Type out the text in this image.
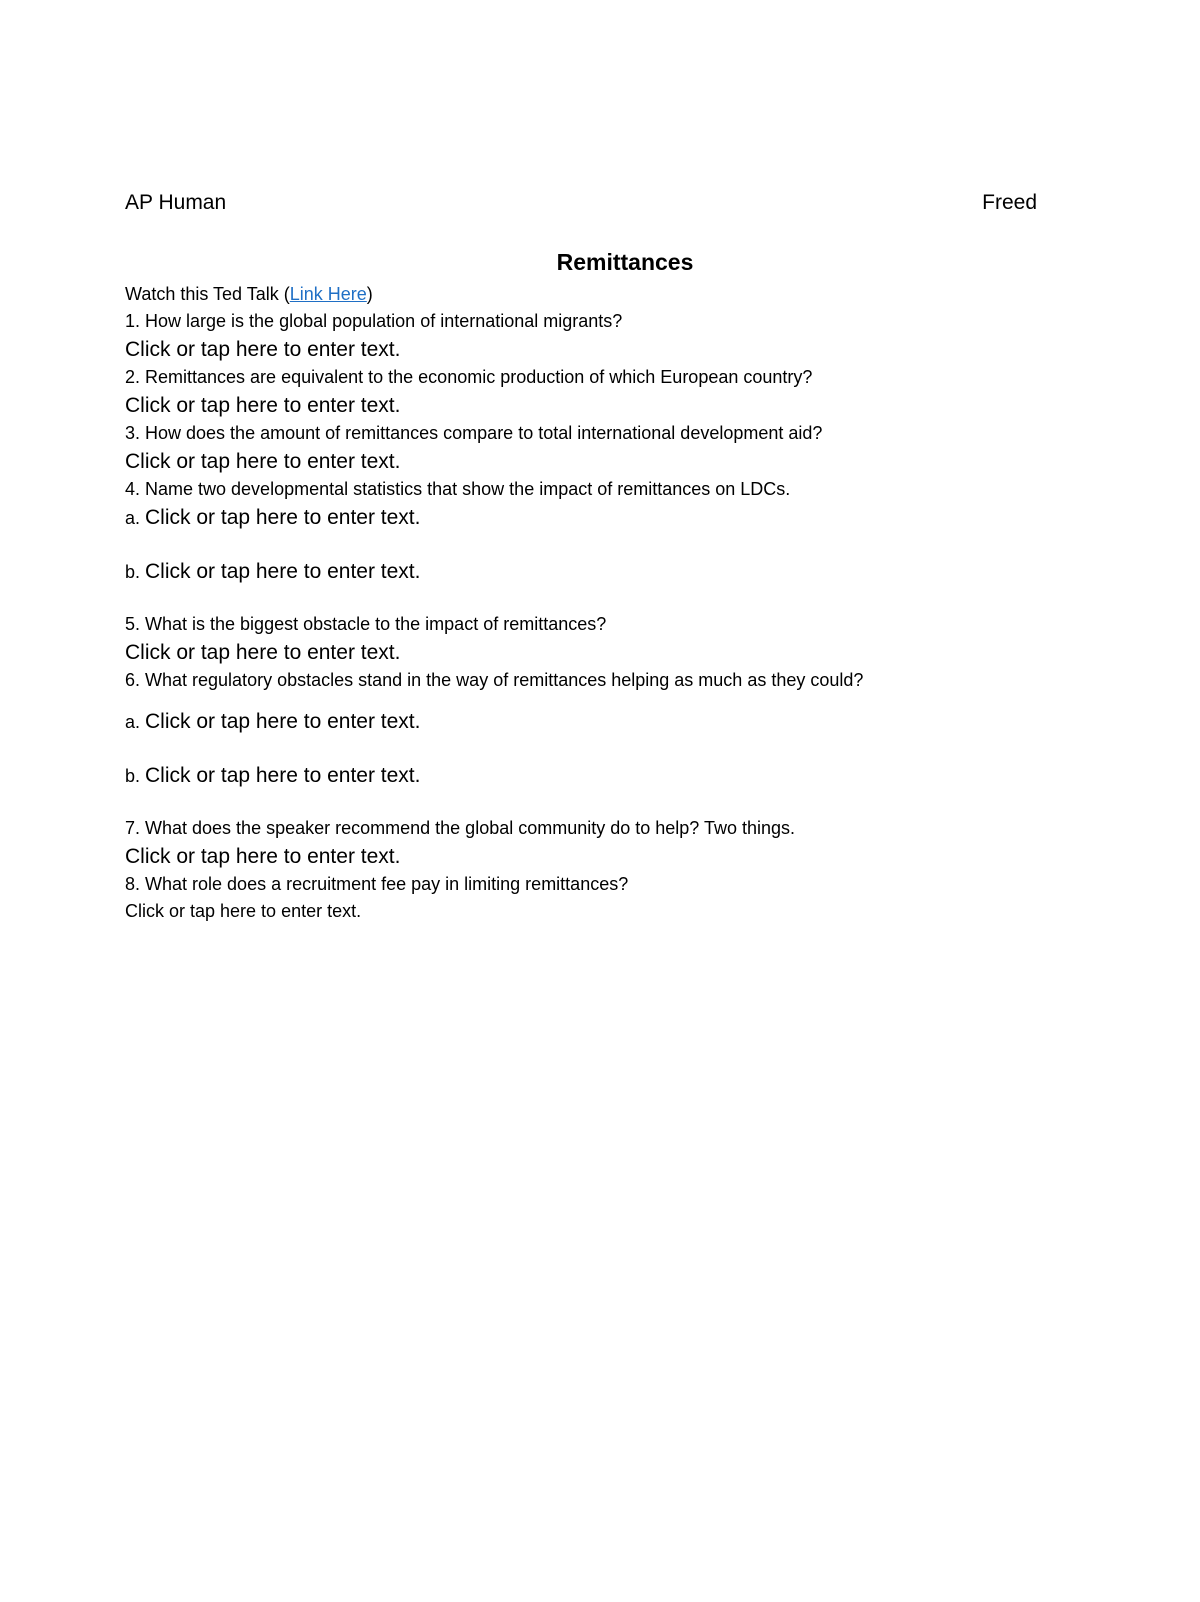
AP Human	Freed
Remittances
Watch this Ted Talk (Link Here)
1. How large is the global population of international migrants?
Click or tap here to enter text.
2. Remittances are equivalent to the economic production of which European country?
Click or tap here to enter text.
3. How does the amount of remittances compare to total international development aid?
Click or tap here to enter text.
4. Name two developmental statistics that show the impact of remittances on LDCs.
a. Click or tap here to enter text.
b. Click or tap here to enter text.
5. What is the biggest obstacle to the impact of remittances?
Click or tap here to enter text.
6. What regulatory obstacles stand in the way of remittances helping as much as they could?
a. Click or tap here to enter text.
b. Click or tap here to enter text.
7. What does the speaker recommend the global community do to help? Two things.
Click or tap here to enter text.
8. What role does a recruitment fee pay in limiting remittances?
Click or tap here to enter text.
